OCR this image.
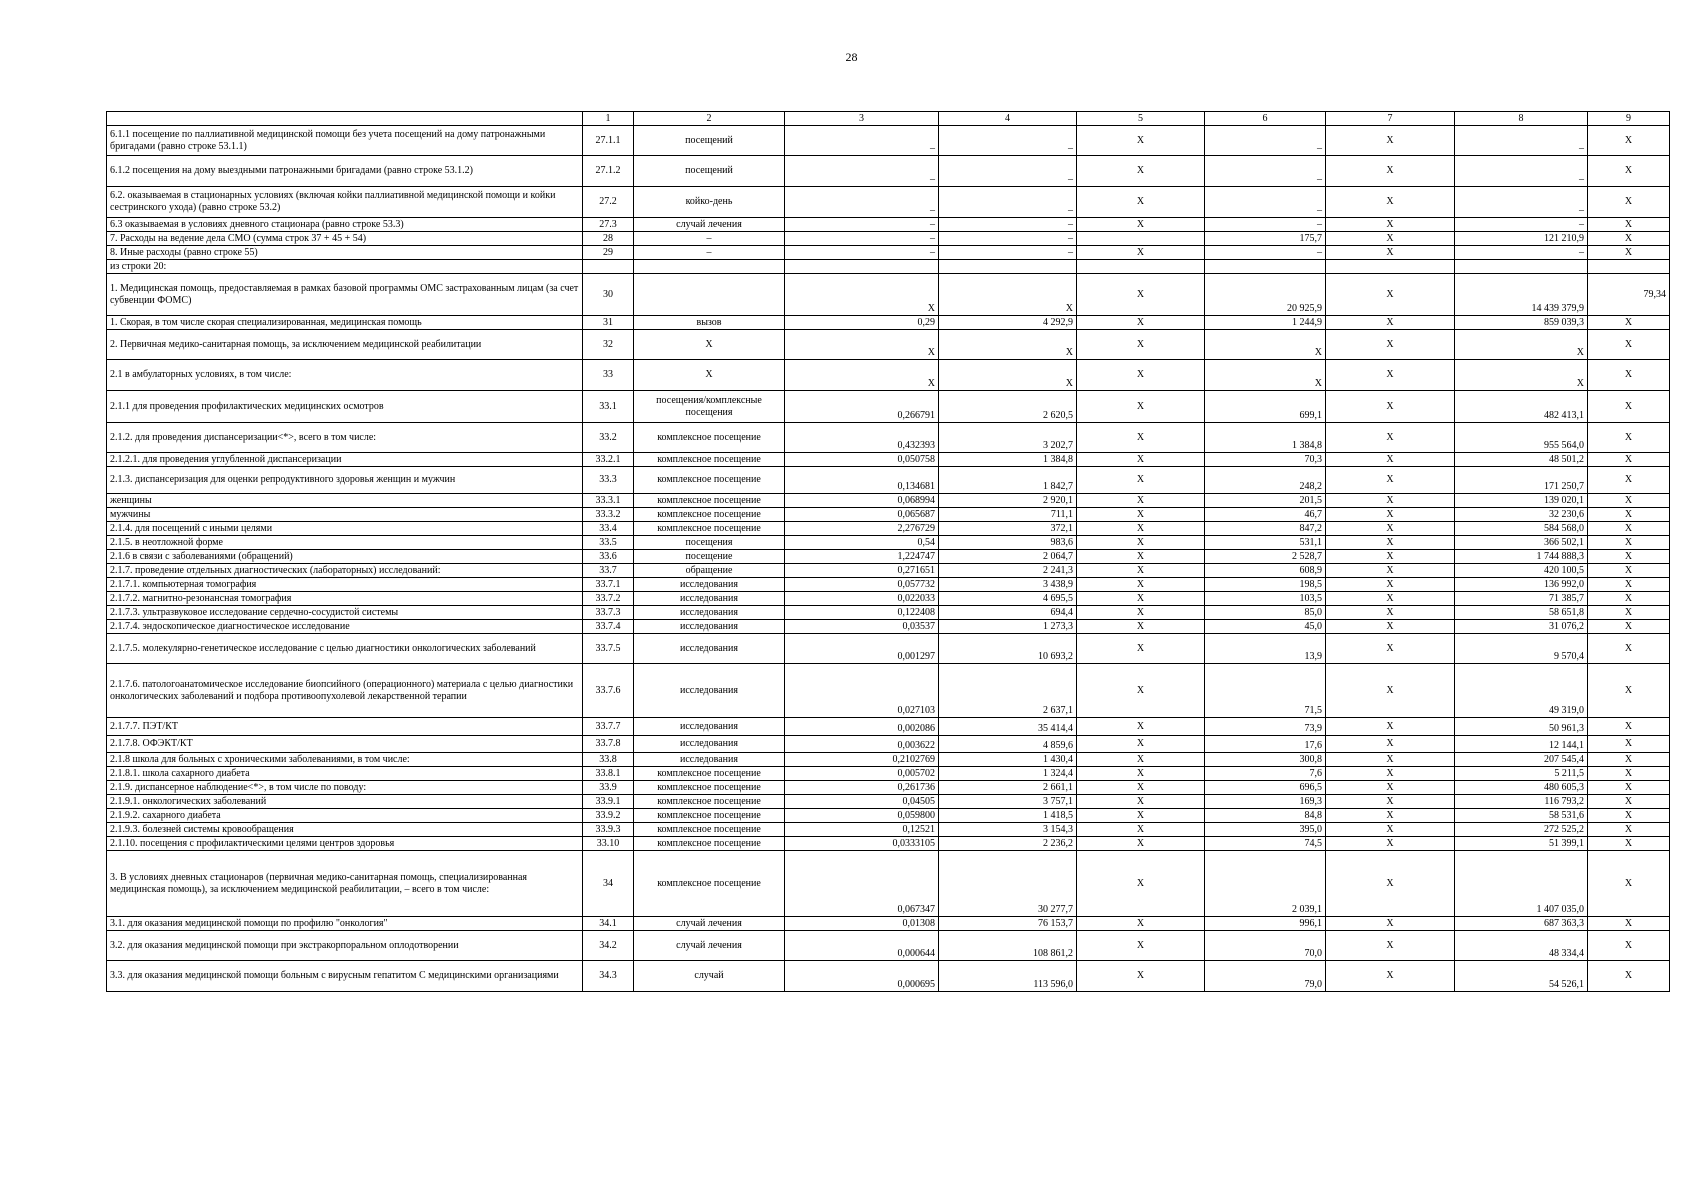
28
	1	2	3	4	5	6	7	8	9
6.1.1 посещение по паллиативной медицинской помощи без учета посещений на дому патронажными бригадами (равно строке 53.1.1)	27.1.1	посещений	–	–	X	–	X	–	X
6.1.2 посещения на дому выездными патронажными бригадами (равно строке 53.1.2)	27.1.2	посещений	–	–	X	–	X	–	X
6.2. оказываемая в стационарных условиях (включая койки паллиативной медицинской помощи и койки сестринского ухода) (равно строке 53.2)	27.2	койко-день	–	–	X	–	X	–	X
6.3 оказываемая в условиях дневного стационара (равно строке 53.3)	27.3	случай лечения	–	–	X	–	X	–	X
7. Расходы на ведение дела СМО (сумма строк 37 + 45 + 54)	28	–	–	–		175,7	X	121 210,9	X
8. Иные расходы (равно строке 55)	29	–	–	–	X	–	X	–	X
из строки 20:									
1. Медицинская помощь, предоставляемая в рамках базовой программы ОМС застрахованным лицам (за счет субвенции ФОМС)	30		X	X	X	20 925,9	X	14 439 379,9	79,34
1. Скорая, в том числе скорая специализированная, медицинская помощь	31	вызов	0,29	4 292,9	X	1 244,9	X	859 039,3	X
2. Первичная медико-санитарная помощь, за исключением медицинской реабилитации	32	X	X	X	X	X	X	X	X
2.1 в амбулаторных условиях, в том числе:	33	X	X	X	X	X	X	X	X
2.1.1 для проведения профилактических медицинских осмотров	33.1	посещения/комплексные посещения	0,266791	2 620,5	X	699,1	X	482 413,1	X
2.1.2. для проведения диспансеризации<*>, всего в том числе:	33.2	комплексное посещение	0,432393	3 202,7	X	1 384,8	X	955 564,0	X
2.1.2.1. для проведения углубленной диспансеризации	33.2.1	комплексное посещение	0,050758	1 384,8	X	70,3	X	48 501,2	X
2.1.3. диспансеризация для оценки репродуктивного здоровья женщин и мужчин	33.3	комплексное посещение	0,134681	1 842,7	X	248,2	X	171 250,7	X
женщины	33.3.1	комплексное посещение	0,068994	2 920,1	X	201,5	X	139 020,1	X
мужчины	33.3.2	комплексное посещение	0,065687	711,1	X	46,7	X	32 230,6	X
2.1.4. для посещений с иными целями	33.4	комплексное посещение	2,276729	372,1	X	847,2	X	584 568,0	X
2.1.5. в неотложной форме	33.5	посещения	0,54	983,6	X	531,1	X	366 502,1	X
2.1.6 в связи с заболеваниями (обращений)	33.6	посещение	1,224747	2 064,7	X	2 528,7	X	1 744 888,3	X
2.1.7. проведение отдельных диагностических (лабораторных) исследований:	33.7	обращение	0,271651	2 241,3	X	608,9	X	420 100,5	X
2.1.7.1. компьютерная томография	33.7.1	исследования	0,057732	3 438,9	X	198,5	X	136 992,0	X
2.1.7.2. магнитно-резонансная томография	33.7.2	исследования	0,022033	4 695,5	X	103,5	X	71 385,7	X
2.1.7.3. ультразвуковое исследование сердечно-сосудистой системы	33.7.3	исследования	0,122408	694,4	X	85,0	X	58 651,8	X
2.1.7.4. эндоскопическое диагностическое исследование	33.7.4	исследования	0,03537	1 273,3	X	45,0	X	31 076,2	X
2.1.7.5. молекулярно-генетическое исследование с целью диагностики онкологических заболеваний	33.7.5	исследования	0,001297	10 693,2	X	13,9	X	9 570,4	X
2.1.7.6. патологоанатомическое исследование биопсийного (операционного) материала с целью диагностики онкологических заболеваний и подбора противоопухолевой лекарственной терапии	33.7.6	исследования	0,027103	2 637,1	X	71,5	X	49 319,0	X
2.1.7.7. ПЭТ/КТ	33.7.7	исследования	0,002086	35 414,4	X	73,9	X	50 961,3	X
2.1.7.8. ОФЭКТ/КТ	33.7.8	исследования	0,003622	4 859,6	X	17,6	X	12 144,1	X
2.1.8 школа для больных с хроническими заболеваниями, в том числе:	33.8	исследования	0,2102769	1 430,4	X	300,8	X	207 545,4	X
2.1.8.1. школа сахарного диабета	33.8.1	комплексное посещение	0,005702	1 324,4	X	7,6	X	5 211,5	X
2.1.9. диспансерное наблюдение<*>, в том числе по поводу:	33.9	комплексное посещение	0,261736	2 661,1	X	696,5	X	480 605,3	X
2.1.9.1. онкологических заболеваний	33.9.1	комплексное посещение	0,04505	3 757,1	X	169,3	X	116 793,2	X
2.1.9.2. сахарного диабета	33.9.2	комплексное посещение	0,059800	1 418,5	X	84,8	X	58 531,6	X
2.1.9.3. болезней системы кровообращения	33.9.3	комплексное посещение	0,12521	3 154,3	X	395,0	X	272 525,2	X
2.1.10. посещения с профилактическими целями центров здоровья	33.10	комплексное посещение	0,0333105	2 236,2	X	74,5	X	51 399,1	X
3. В условиях дневных стационаров (первичная медико-санитарная помощь, специализированная медицинская помощь), за исключением медицинской реабилитации, – всего в том числе:	34	комплексное посещение	0,067347	30 277,7	X	2 039,1	X	1 407 035,0	X
3.1. для оказания медицинской помощи по профилю "онкология"	34.1	случай лечения	0,01308	76 153,7	X	996,1	X	687 363,3	X
3.2. для оказания медицинской помощи при экстракорпоральном оплодотворении	34.2	случай лечения	0,000644	108 861,2	X	70,0	X	48 334,4	X
3.3. для оказания медицинской помощи больным с вирусным гепатитом С медицинскими организациями	34.3	случай	0,000695	113 596,0	X	79,0	X	54 526,1	X
